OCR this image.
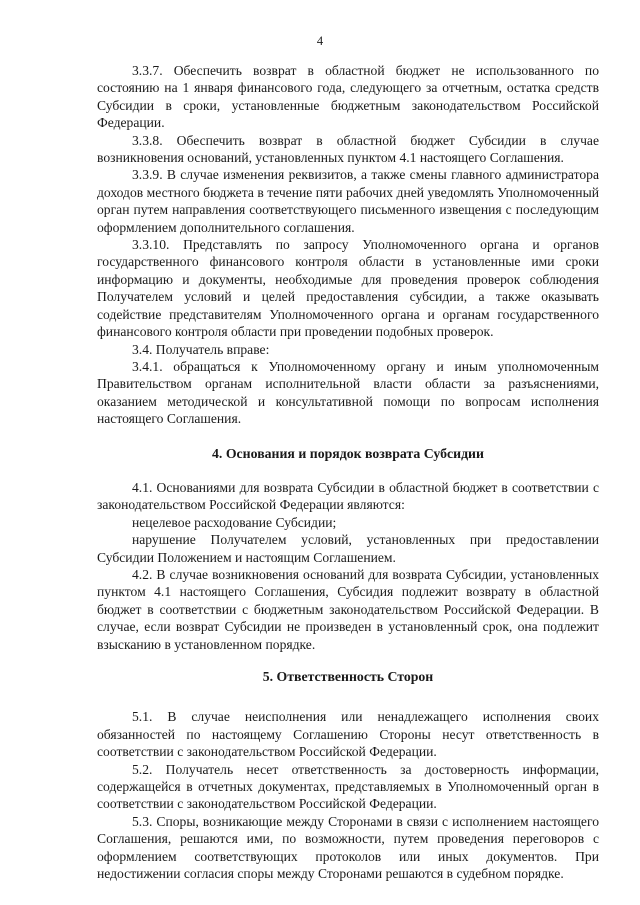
4

3.3.7. Обеспечить возврат в областной бюджет не использованного по состоянию на 1 января финансового года, следующего за отчетным, остатка средств Субсидии в сроки, установленные бюджетным законодательством Российской Федерации.

3.3.8. Обеспечить возврат в областной бюджет Субсидии в случае возникновения оснований, установленных пунктом 4.1 настоящего Соглашения.

3.3.9. В случае изменения реквизитов, а также смены главного администратора доходов местного бюджета в течение пяти рабочих дней уведомлять Уполномоченный орган путем направления соответствующего письменного извещения с последующим оформлением дополнительного соглашения.

3.3.10. Представлять по запросу Уполномоченного органа и органов государственного финансового контроля области в установленные ими сроки информацию и документы, необходимые для проведения проверок соблюдения Получателем условий и целей предоставления субсидии, а также оказывать содействие представителям Уполномоченного органа и органам государственного финансового контроля области при проведении подобных проверок.

3.4. Получатель вправе:

3.4.1. обращаться к Уполномоченному органу и иным уполномоченным Правительством органам исполнительной власти области за разъяснениями, оказанием методической и консультативной помощи по вопросам исполнения настоящего Соглашения.

4. Основания и порядок возврата Субсидии

4.1. Основаниями для возврата Субсидии в областной бюджет в соответствии с законодательством Российской Федерации являются:

нецелевое расходование Субсидии;

нарушение Получателем условий, установленных при предоставлении Субсидии Положением и настоящим Соглашением.

4.2. В случае возникновения оснований для возврата Субсидии, установленных пунктом 4.1 настоящего Соглашения, Субсидия подлежит возврату в областной бюджет в соответствии с бюджетным законодательством Российской Федерации. В случае, если возврат Субсидии не произведен в установленный срок, она подлежит взысканию в установленном порядке.

5. Ответственность Сторон

5.1. В случае неисполнения или ненадлежащего исполнения своих обязанностей по настоящему Соглашению Стороны несут ответственность в соответствии с законодательством Российской Федерации.

5.2. Получатель несет ответственность за достоверность информации, содержащейся в отчетных документах, представляемых в Уполномоченный орган в соответствии с законодательством Российской Федерации.

5.3. Споры, возникающие между Сторонами в связи с исполнением настоящего Соглашения, решаются ими, по возможности, путем проведения переговоров с оформлением соответствующих протоколов или иных документов. При недостижении согласия споры между Сторонами решаются в судебном порядке.
